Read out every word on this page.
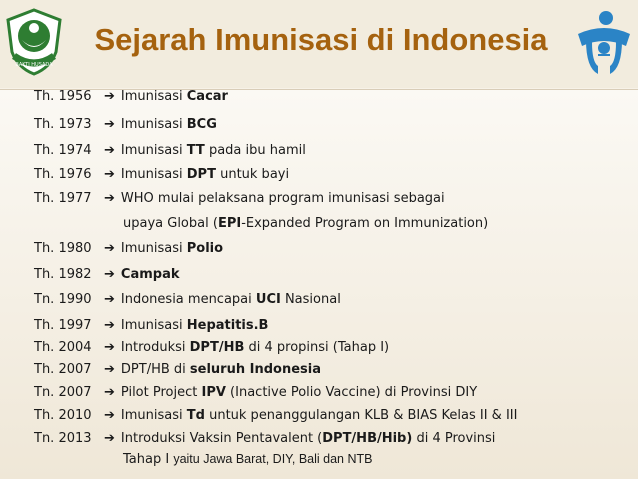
BAKTI HUSADA
Sejarah Imunisasi di Indonesia
Th. 1956 ➔ Imunisasi Cacar
Th. 1973 ➔ Imunisasi BCG
Th. 1974 ➔ Imunisasi TT pada ibu hamil
Th. 1976 ➔ Imunisasi DPT untuk bayi
Th. 1977 ➔ WHO mulai pelaksana program imunisasi sebagai
upaya Global (EPI-Expanded Program on Immunization)
Th. 1980 ➔ Imunisasi Polio
Th. 1982 ➔ Campak
Tn. 1990 ➔ Indonesia mencapai UCI Nasional
Th. 1997 ➔ Imunisasi Hepatitis.B
Th. 2004 ➔ Introduksi DPT/HB di 4 propinsi (Tahap I)
Th. 2007 ➔ DPT/HB di seluruh Indonesia
Tn. 2007 ➔ Pilot Project IPV (Inactive Polio Vaccine) di Provinsi DIY
Th. 2010 ➔ Imunisasi Td untuk penanggulangan KLB & BIAS Kelas II & III
Tn. 2013 ➔ Introduksi Vaksin Pentavalent (DPT/HB/Hib) di 4 Provinsi
Tahap I yaitu Jawa Barat, DIY, Bali dan NTB
